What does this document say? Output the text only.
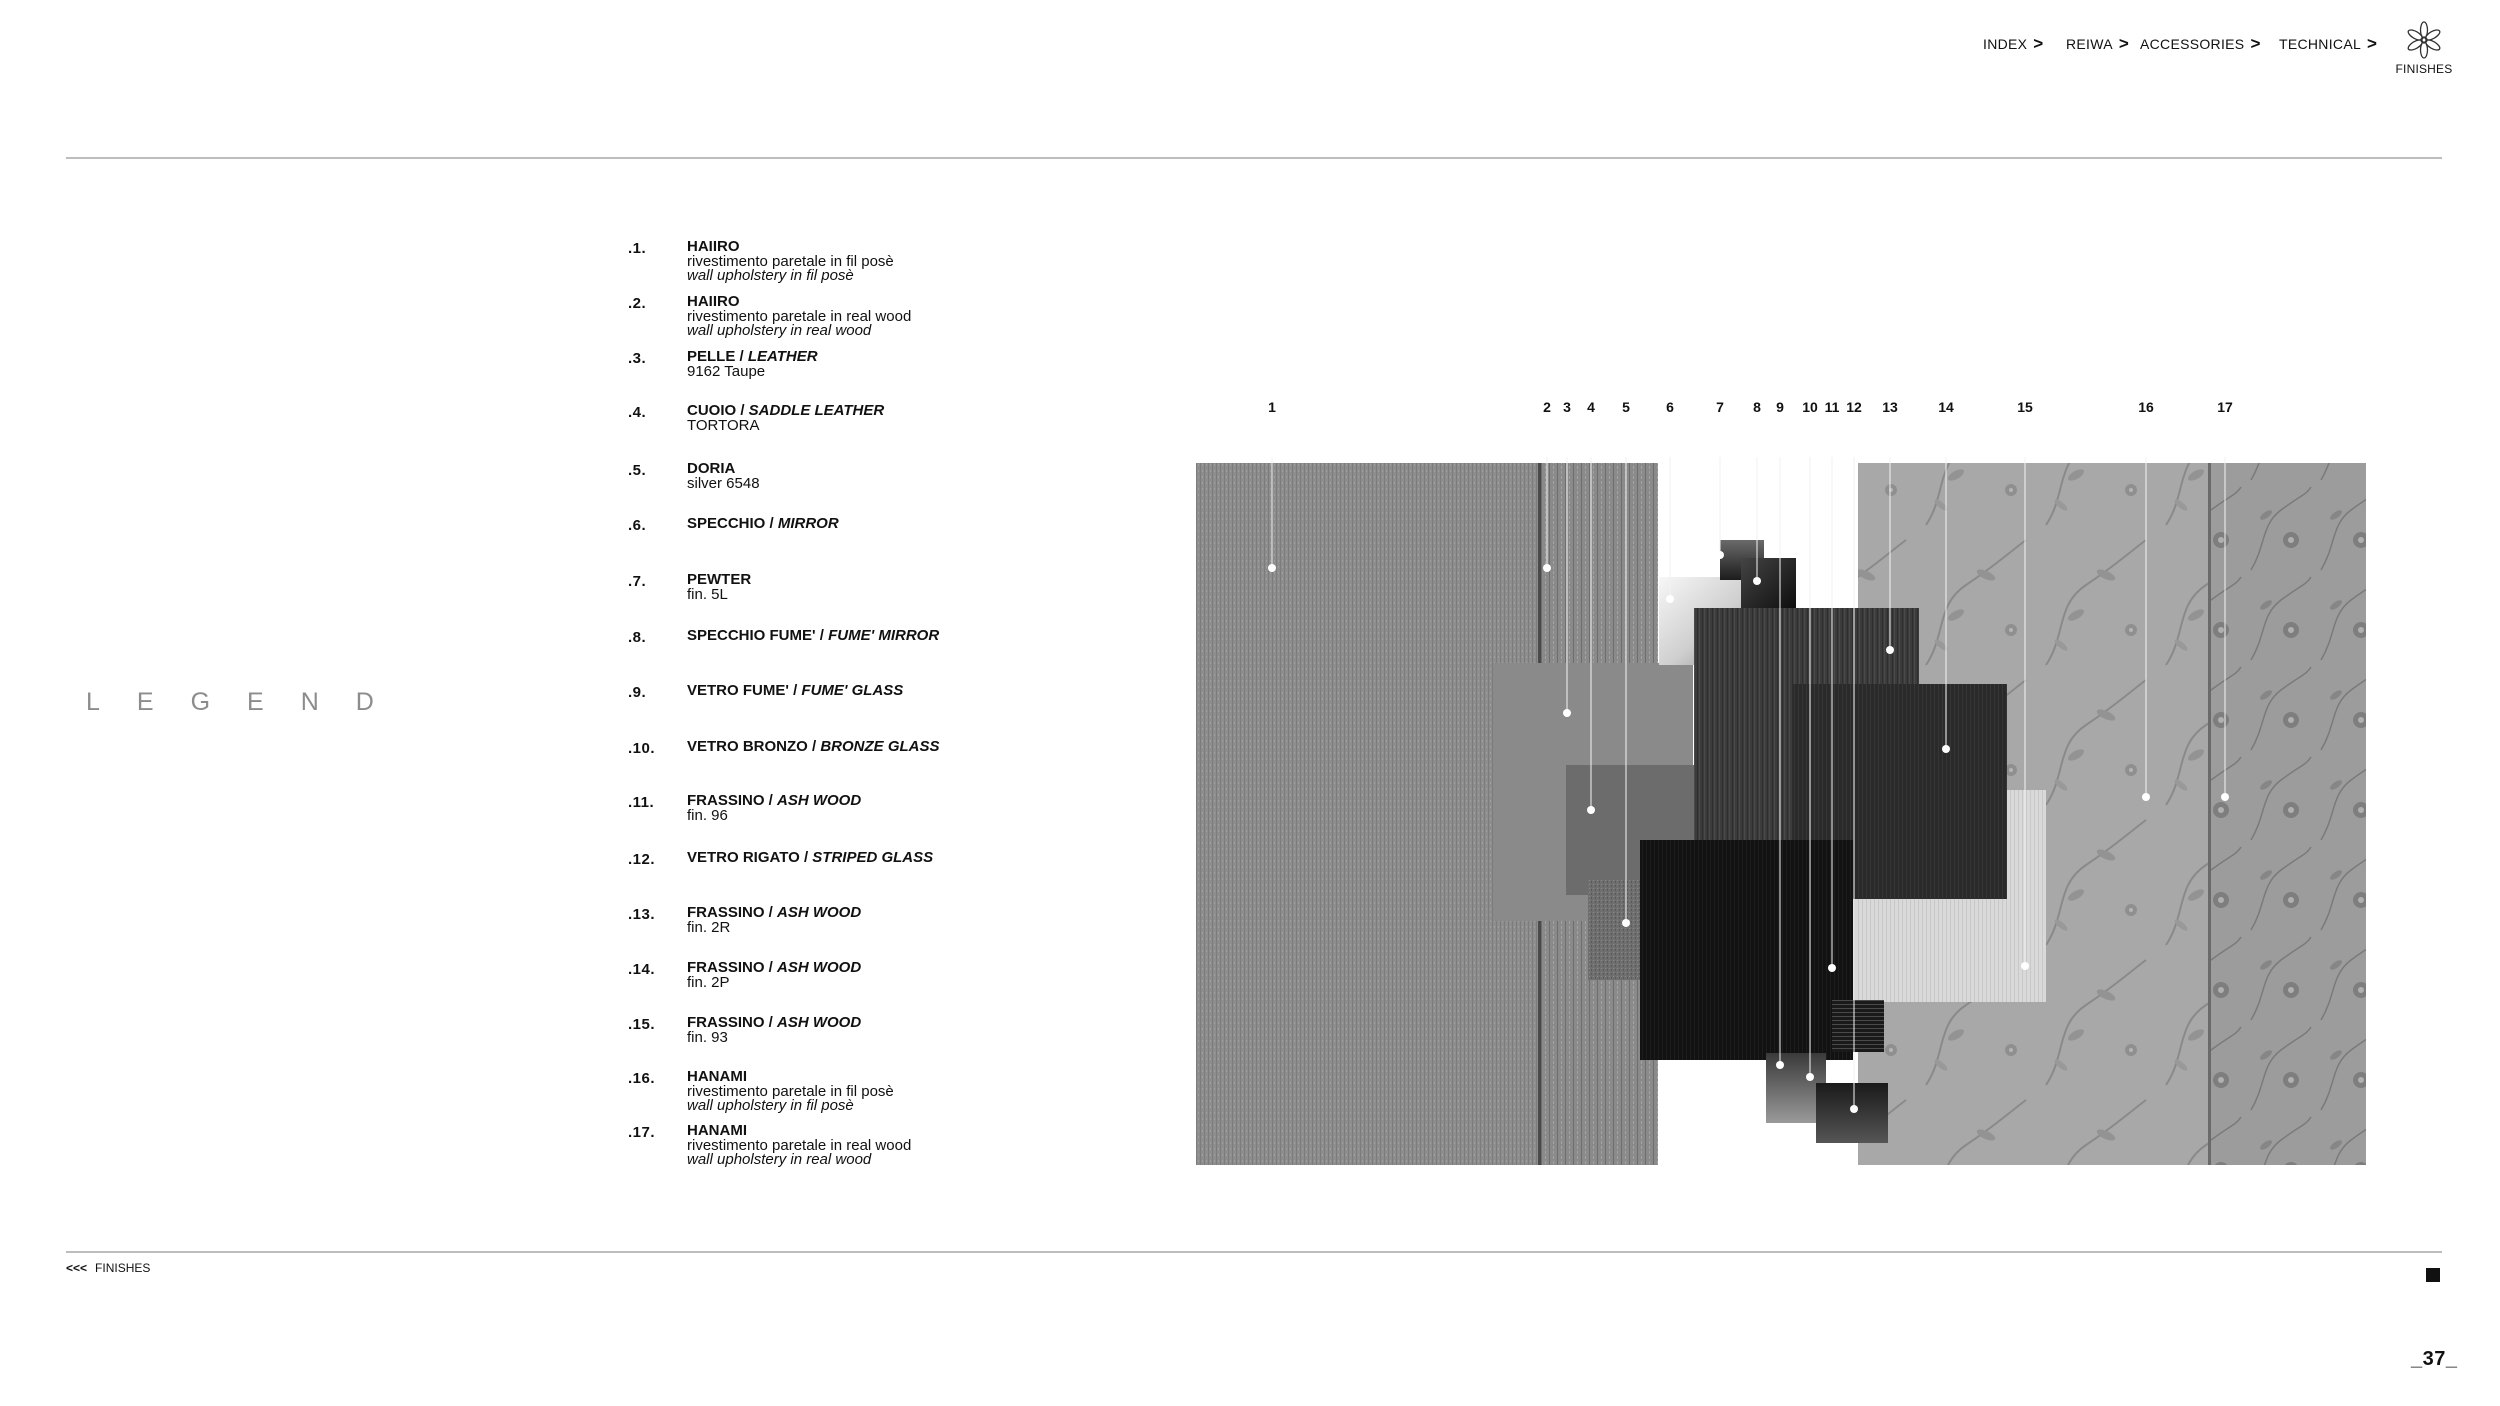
INDEX > REIWA > ACCESSORIES > TECHNICAL >
FINISHES
LEGEND
.1.	HAIIRO
rivestimento paretale in fil posè
wall upholstery in fil posè
.2.	HAIIRO
rivestimento paretale in real wood
wall upholstery in real wood
.3.	PELLE / LEATHER
9162 Taupe
.4.	CUOIO / SADDLE LEATHER
TORTORA
.5.	DORIA
silver 6548
.6.	SPECCHIO / MIRROR
.7.	PEWTER
fin. 5L
.8.	SPECCHIO FUME' / FUME' MIRROR
.9.	VETRO FUME' / FUME' GLASS
.10. VETRO BRONZO / BRONZE GLASS
.11. FRASSINO / ASH WOOD
fin. 96
.12. VETRO RIGATO / STRIPED GLASS
.13. FRASSINO / ASH WOOD
fin. 2R
.14. FRASSINO / ASH WOOD
fin. 2P
.15. FRASSINO / ASH WOOD
fin. 93
.16. HANAMI
rivestimento paretale in fil posè
wall upholstery in fil posè
.17. HANAMI
rivestimento paretale in real wood
wall upholstery in real wood
1	2 3 4 5	6	7 8 9 10 11 12 13	14	15	16	17
<<< FINISHES
_37_
